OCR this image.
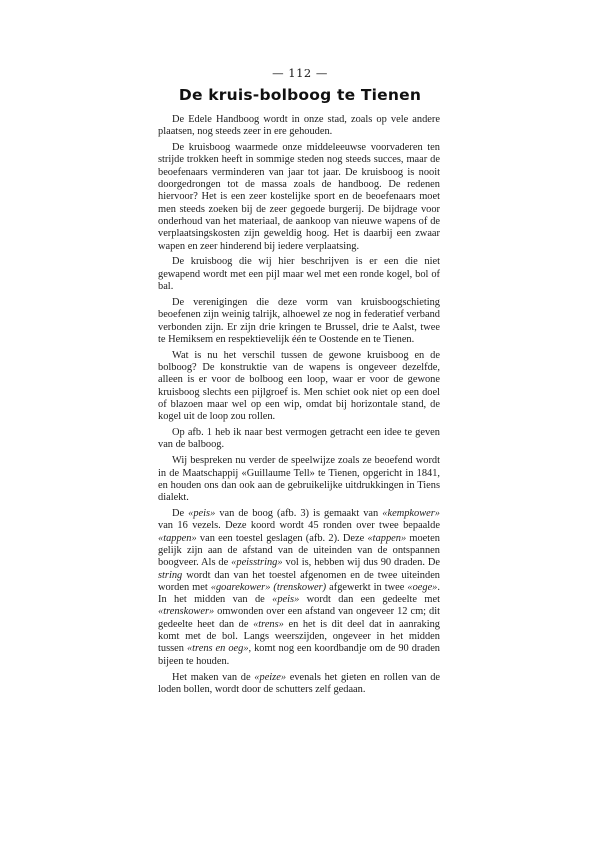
— 112 —
De kruis-bolboog te Tienen

De Edele Handboog wordt in onze stad, zoals op vele andere plaatsen, nog steeds zeer in ere gehouden.

De kruisboog waarmede onze middeleeuwse voorvaderen ten strijde trokken heeft in sommige steden nog steeds succes, maar de beoefenaars verminderen van jaar tot jaar. De kruisboog is nooit doorgedrongen tot de massa zoals de handboog. De redenen hiervoor? Het is een zeer kostelijke sport en de beoefenaars moet men steeds zoeken bij de zeer gegoede burgerij. De bijdrage voor onderhoud van het materiaal, de aankoop van nieuwe wapens of de verplaatsingskosten zijn geweldig hoog. Het is daarbij een zwaar wapen en zeer hinderend bij iedere verplaatsing.

De kruisboog die wij hier beschrijven is er een die niet gewapend wordt met een pijl maar wel met een ronde kogel, bol of bal.

De verenigingen die deze vorm van kruisboogschieting beoefenen zijn weinig talrijk, alhoewel ze nog in federatief verband verbonden zijn. Er zijn drie kringen te Brussel, drie te Aalst, twee te Hemiksem en respektievelijk één te Oostende en te Tienen.

Wat is nu het verschil tussen de gewone kruisboog en de bolboog? De konstruktie van de wapens is ongeveer dezelfde, alleen is er voor de bolboog een loop, waar er voor de gewone kruisboog slechts een pijlgroef is. Men schiet ook niet op een doel of blazoen maar wel op een wip, omdat bij horizontale stand, de kogel uit de loop zou rollen.

Op afb. 1 heb ik naar best vermogen getracht een idee te geven van de balboog.

Wij bespreken nu verder de speelwijze zoals ze beoefend wordt in de Maatschappij «Guillaume Tell» te Tienen, opgericht in 1841, en houden ons dan ook aan de gebruikelijke uitdrukkingen in Tiens dialekt.

De «peis» van de boog (afb. 3) is gemaakt van «kempkower» van 16 vezels. Deze koord wordt 45 ronden over twee bepaalde «tappen» van een toestel geslagen (afb. 2). Deze «tappen» moeten gelijk zijn aan de afstand van de uiteinden van de ontspannen boogveer. Als de «peisstring» vol is, hebben wij dus 90 draden. De string wordt dan van het toestel afgenomen en de twee uiteinden worden met «goarekower» (trenskower) afgewerkt in twee «oege». In het midden van de «peis» wordt dan een gedeelte met «trenskower» omwonden over een afstand van ongeveer 12 cm; dit gedeelte heet dan de «trens» en het is dit deel dat in aanraking komt met de bol. Langs weerszijden, ongeveer in het midden tussen «trens en oeg», komt nog een koordbandje om de 90 draden bijeen te houden.

Het maken van de «peize» evenals het gieten en rollen van de loden bollen, wordt door de schutters zelf gedaan.
